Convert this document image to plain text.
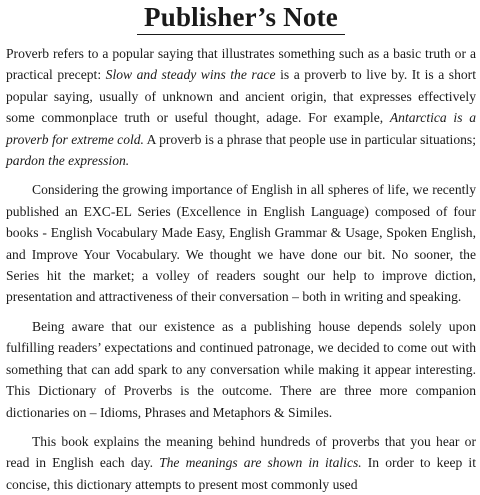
Publisher’s Note

Proverb refers to a popular saying that illustrates something such as a basic truth or a practical precept: Slow and steady wins the race is a proverb to live by. It is a short popular saying, usually of unknown and ancient origin, that expresses effectively some commonplace truth or useful thought, adage. For example, Antarctica is a proverb for extreme cold. A proverb is a phrase that people use in particular situations; pardon the expression.

Considering the growing importance of English in all spheres of life, we recently published an EXC-EL Series (Excellence in English Language) composed of four books - English Vocabulary Made Easy, English Grammar & Usage, Spoken English, and Improve Your Vocabulary. We thought we have done our bit. No sooner, the Series hit the market; a volley of readers sought our help to improve diction, presentation and attractiveness of their conversation – both in writing and speaking.

Being aware that our existence as a publishing house depends solely upon fulfilling readers’ expectations and continued patronage, we decided to come out with something that can add spark to any conversation while making it appear interesting. This Dictionary of Proverbs is the outcome. There are three more companion dictionaries on – Idioms, Phrases and Metaphors & Similes.

This book explains the meaning behind hundreds of proverbs that you hear or read in English each day. The meanings are shown in italics. In order to keep it concise, this dictionary attempts to present most commonly used
